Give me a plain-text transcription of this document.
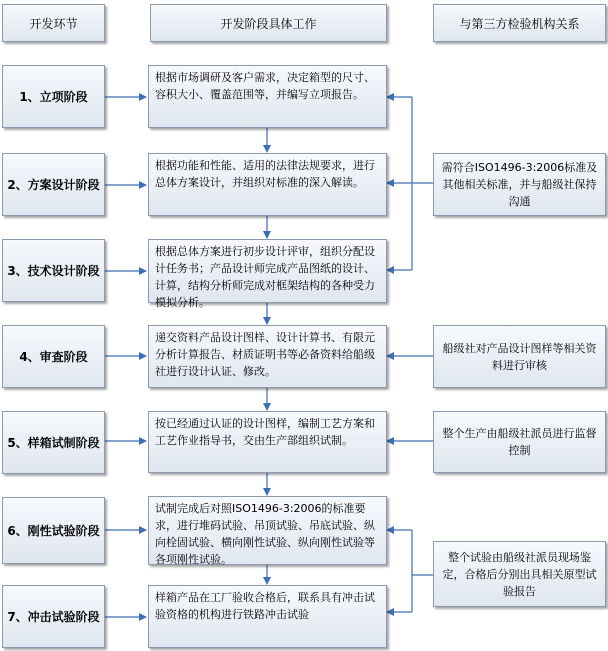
开发环节	开发阶段具体工作	与第三方检验机构关系
1、立项阶段
2、方案设计阶段
3、技术设计阶段
4、审查阶段
5、样箱试制阶段
6、刚性试验阶段
7、冲击试验阶段
根据市场调研及客户需求，决定箱型的尺寸、容积大小、覆盖范围等，并编写立项报告。
根据功能和性能、适用的法律法规要求，进行总体方案设计，并组织对标准的深入解读。
根据总体方案进行初步设计评审，组织分配设计任务书；产品设计师完成产品图纸的设计、计算，结构分析师完成对框架结构的各种受力模拟分析。
递交资料产品设计图样、设计计算书、有限元分析计算报告、材质证明书等必备资料给船级社进行设计认证、修改。
按已经通过认证的设计图样，编制工艺方案和工艺作业指导书，交由生产部组织试制。
试制完成后对照ISO1496-3:2006的标准要求，进行堆码试验、吊顶试验、吊底试验、纵向栓固试验、横向刚性试验、纵向刚性试验等各项刚性试验。
样箱产品在工厂验收合格后，联系具有冲击试验资格的机构进行铁路冲击试验
需符合ISO1496-3:2006标准及其他相关标准，并与船级社保持沟通
船级社对产品设计图样等相关资料进行审核
整个生产由船级社派员进行监督控制
整个试验由船级社派员现场鉴定，合格后分别出具相关原型试验报告
